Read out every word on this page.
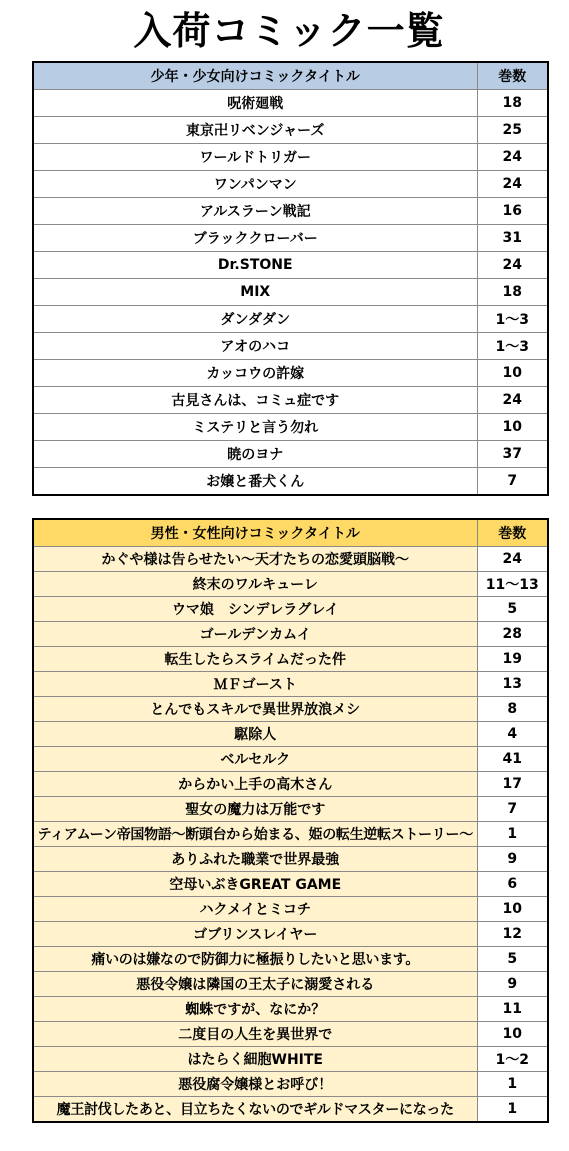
入荷コミック一覧
少年・少女向けコミックタイトル	巻数
呪術廻戦	18
東京卍リベンジャーズ	25
ワールドトリガー	24
ワンパンマン	24
アルスラーン戦記	16
ブラッククローバー	31
Dr.STONE	24
MIX	18
ダンダダン	1～3
アオのハコ	1～3
カッコウの許嫁	10
古見さんは、コミュ症です	24
ミステリと言う勿れ	10
暁のヨナ	37
お嬢と番犬くん	7
男性・女性向けコミックタイトル	巻数
かぐや様は告らせたい～天才たちの恋愛頭脳戦～	24
終末のワルキューレ	11～13
ウマ娘　シンデレラグレイ	5
ゴールデンカムイ	28
転生したらスライムだった件	19
ＭＦゴースト	13
とんでもスキルで異世界放浪メシ	8
駆除人	4
ベルセルク	41
からかい上手の高木さん	17
聖女の魔力は万能です	7
ティアムーン帝国物語～断頭台から始まる、姫の転生逆転ストーリー～	1
ありふれた職業で世界最強	9
空母いぶきGREAT GAME	6
ハクメイとミコチ	10
ゴブリンスレイヤー	12
痛いのは嫌なので防御力に極振りしたいと思います。	5
悪役令嬢は隣国の王太子に溺愛される	9
蜘蛛ですが、なにか？	11
二度目の人生を異世界で	10
はたらく細胞WHITE	1～2
悪役腐令嬢様とお呼び！	1
魔王討伐したあと、目立ちたくないのでギルドマスターになった	1
